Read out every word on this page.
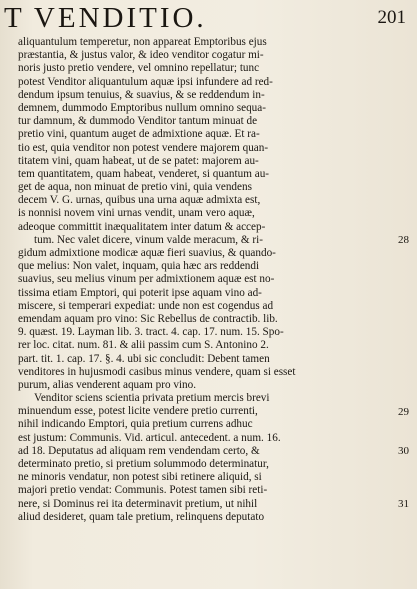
T VENDITIO.	201
aliquantulum temperetur, non appareat Emptoribus ejus
præstantia, & justus valor, & ideo venditor cogatur mi-
noris justo pretio vendere, vel omnino repellatur; tunc
potest Venditor aliquantulum aquæ ipsi infundere ad red-
dendum ipsum tenuius, & suavius, & se reddendum in-
demnem, dummodo Emptoribus nullum omnino sequa-
tur damnum, & dummodo Venditor tantum minuat de
pretio vini, quantum auget de admixtione aquæ. Et ra-
tio est, quia venditor non potest vendere majorem quan-
titatem vini, quam habeat, ut de se patet: majorem au-
tem quantitatem, quam habeat, venderet, si quantum au-
get de aqua, non minuat de pretio vini, quia vendens
decem V. G. urnas, quibus una urna aquæ admixta est,
is nonnisi novem vini urnas vendit, unam vero aquæ,
adeoque committit inæqualitatem inter datum & accep-
tum. Nec valet dicere, vinum valde meracum, & ri-
gidum admixtione modicæ aquæ fieri suavius, & quando-
que melius: Non valet, inquam, quia hæc ars reddendi
suavius, seu melius vinum per admixtionem aquæ est no-
tissima etiam Emptori, qui poterit ipse aquam vino ad-
miscere, si temperari expediat: unde non est cogendus ad
emendam aquam pro vino: Sic Rebellus de contractib. lib.
9. quæst. 19. Layman lib. 3. tract. 4. cap. 17. num. 15. Spo-
rer loc. citat. num. 81. & alii passim cum S. Antonino 2.
part. tit. 1. cap. 17. §. 4. ubi sic concludit: Debent tamen
venditores in hujusmodi casibus minus vendere, quam si esset
purum, alias venderent aquam pro vino.
Venditor sciens scientia privata pretium mercis brevi
minuendum esse, potest licite vendere pretio currenti,
nihil indicando Emptori, quia pretium currens adhuc
est justum: Communis. Vid. articul. antecedent. a num. 16.
ad 18. Deputatus ad aliquam rem vendendam certo, &
determinato pretio, si pretium solummodo determinatur,
ne minoris vendatur, non potest sibi retinere aliquid, si
majori pretio vendat: Communis. Potest tamen sibi reti-
nere, si Dominus rei ita determinavit pretium, ut nihil
aliud desideret, quam tale pretium, relinquens deputato
28
29
30
31
